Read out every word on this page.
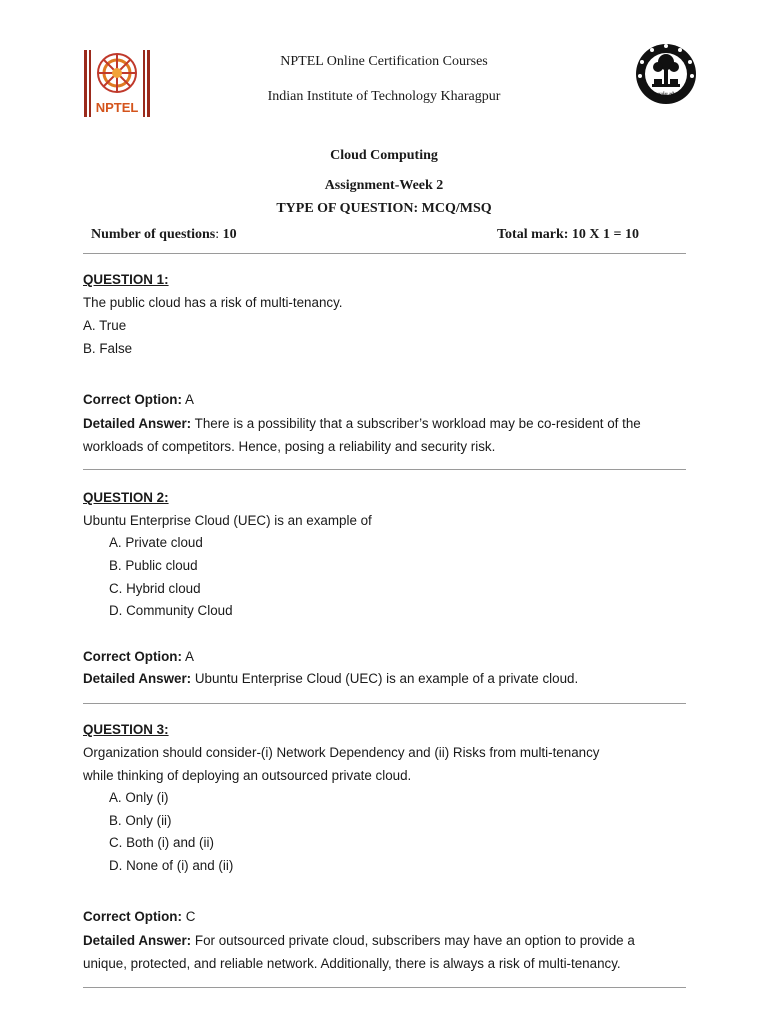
NPTEL
योगः कर्मसु कौशलम्
NPTEL Online Certification Courses
Indian Institute of Technology Kharagpur
Cloud Computing
Assignment-Week 2
TYPE OF QUESTION: MCQ/MSQ
Number of questions: 10	Total mark: 10 X 1 = 10
QUESTION 1:
The public cloud has a risk of multi-tenancy.
A. True
B. False
Correct Option: A
Detailed Answer: There is a possibility that a subscriber’s workload may be co-resident of the
workloads of competitors. Hence, posing a reliability and security risk.
QUESTION 2:
Ubuntu Enterprise Cloud (UEC) is an example of
A. Private cloud
B. Public cloud
C. Hybrid cloud
D. Community Cloud
Correct Option: A
Detailed Answer: Ubuntu Enterprise Cloud (UEC) is an example of a private cloud.
QUESTION 3:
Organization should consider-(i) Network Dependency and (ii) Risks from multi-tenancy
while thinking of deploying an outsourced private cloud.
A. Only (i)
B. Only (ii)
C. Both (i) and (ii)
D. None of (i) and (ii)
Correct Option: C
Detailed Answer: For outsourced private cloud, subscribers may have an option to provide a
unique, protected, and reliable network. Additionally, there is always a risk of multi-tenancy.
